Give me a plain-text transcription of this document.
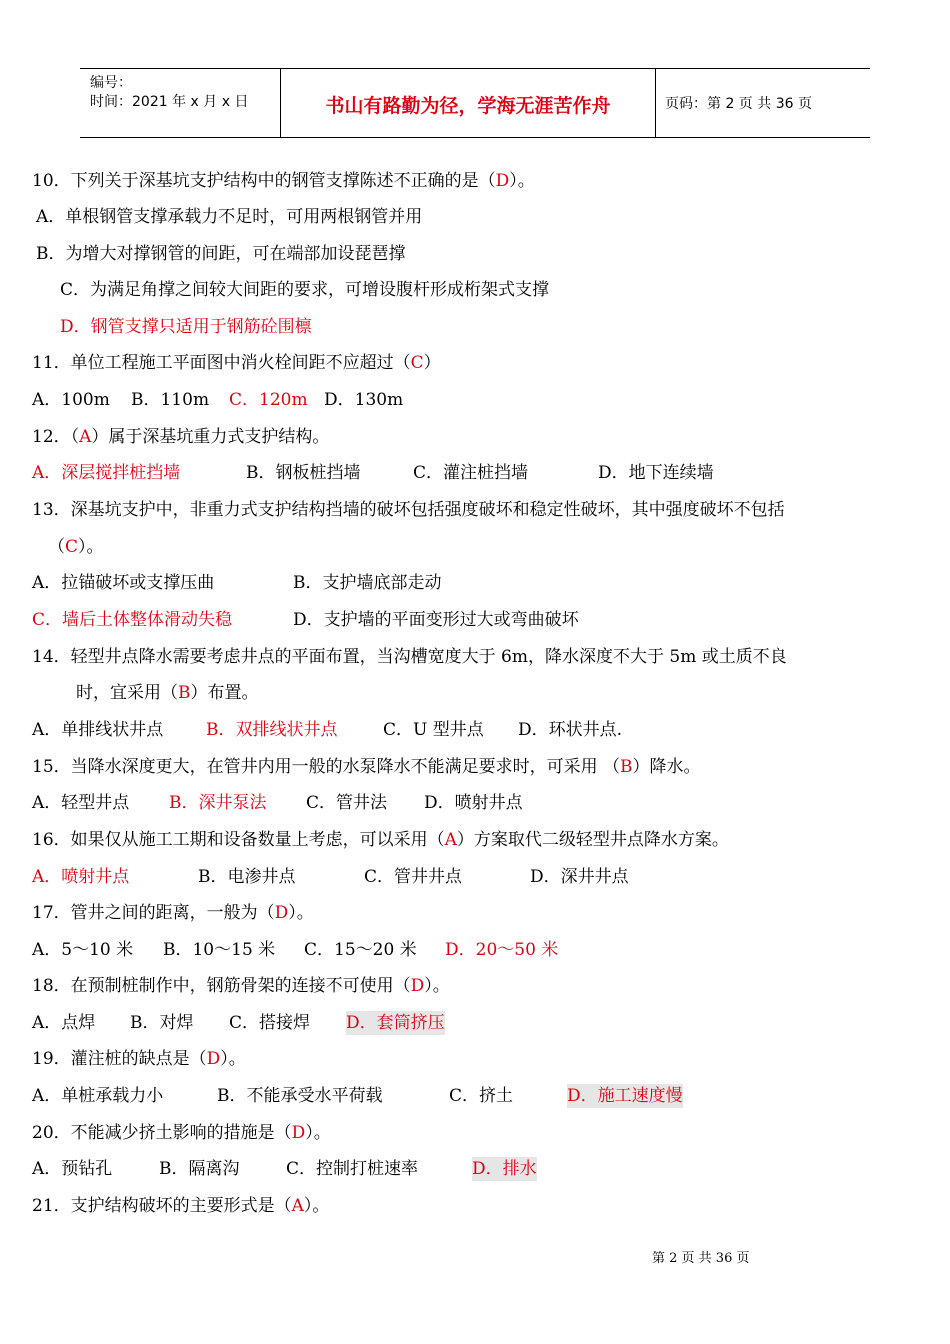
编号：
时间：2021 年 x 月 x 日	书山有路勤为径，学海无涯苦作舟	页码：第 2 页 共 36 页
10．下列关于深基坑支护结构中的钢管支撑陈述不正确的是（D）。
A．单根钢管支撑承载力不足时，可用两根钢管并用
B．为增大对撑钢管的间距，可在端部加设琵琶撑
C．为满足角撑之间较大间距的要求，可增设腹杆形成桁架式支撑
D．钢管支撑只适用于钢筋砼围檩
11．单位工程施工平面图中消火栓间距不应超过（C）
A．100m B．110m C．120m D．130m
12．（A）属于深基坑重力式支护结构。
A．深层搅拌桩挡墙	B．钢板桩挡墙	C．灌注桩挡墙	D．地下连续墙
13．深基坑支护中，非重力式支护结构挡墙的破坏包括强度破坏和稳定性破坏，其中强度破坏不包括
（C）。
A．拉锚破坏或支撑压曲	B．支护墙底部走动
C．墙后土体整体滑动失稳	D．支护墙的平面变形过大或弯曲破坏
14．轻型井点降水需要考虑井点的平面布置，当沟槽宽度大于 6m，降水深度不大于 5m 或土质不良
时，宜采用（B）布置。
A．单排线状井点	B．双排线状井点	C．U 型井点 D．环状井点.
15．当降水深度更大，在管井内用一般的水泵降水不能满足要求时，可采用 （B）降水。
A．轻型井点 B．深井泵法 C．管井法 D．喷射井点
16．如果仅从施工工期和设备数量上考虑，可以采用（A）方案取代二级轻型井点降水方案。
A．喷射井点	B．电渗井点	C．管井井点	D．深井井点
17．管井之间的距离，一般为（D）。
A．5～10 米 B．10～15 米 C．15～20 米 D．20～50 米
18．在预制桩制作中，钢筋骨架的连接不可使用（D）。
A．点焊 B．对焊 C．搭接焊 D．套筒挤压
19．灌注桩的缺点是（D）。
A．单桩承载力小	B．不能承受水平荷载	C．挤土	D．施工速度慢
20．不能减少挤土影响的措施是（D）。
A．预钻孔	B．隔离沟	C．控制打桩速率	D．排水
21．支护结构破坏的主要形式是（A）。
第 2 页 共 36 页
